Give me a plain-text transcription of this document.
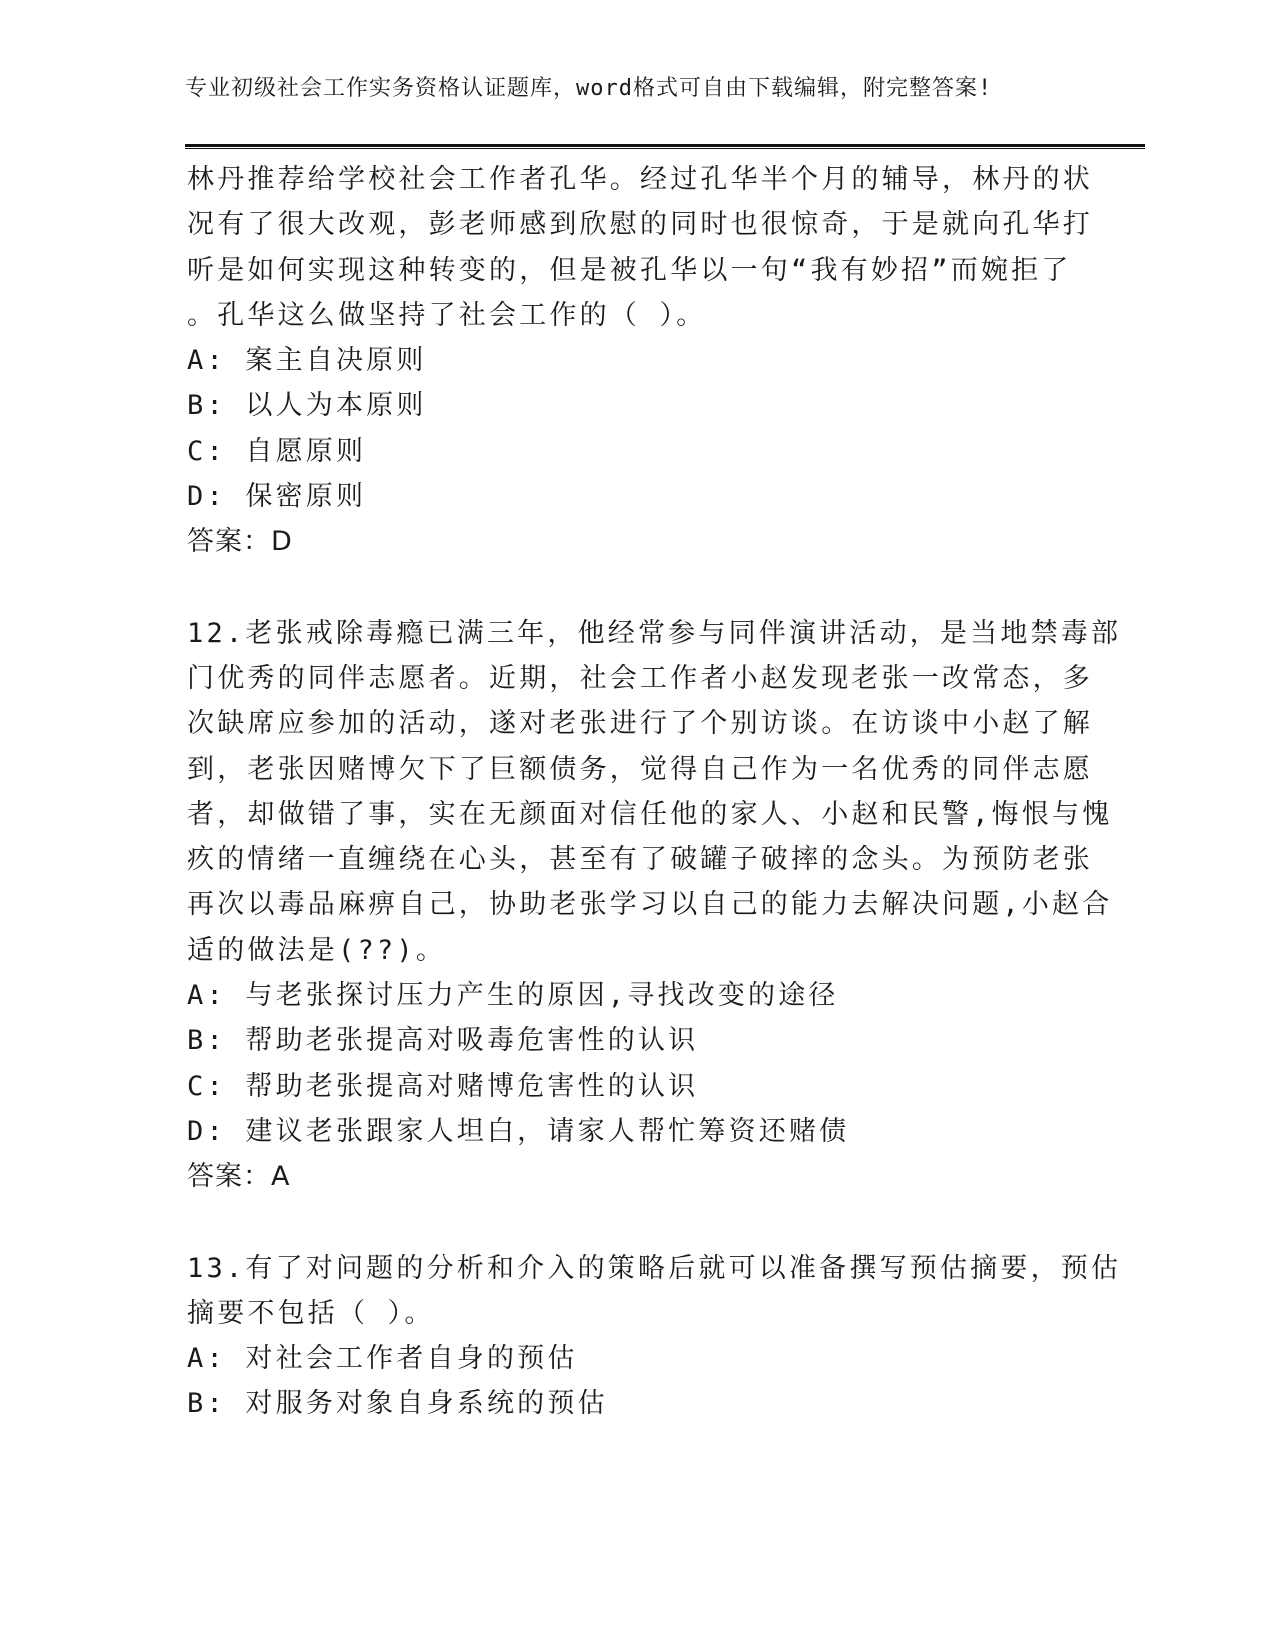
专业初级社会工作实务资格认证题库，word格式可自由下载编辑，附完整答案!
林丹推荐给学校社会工作者孔华。经过孔华半个月的辅导，林丹的状
况有了很大改观，彭老师感到欣慰的同时也很惊奇，于是就向孔华打
听是如何实现这种转变的，但是被孔华以一句“我有妙招”而婉拒了
。孔华这么做坚持了社会工作的（ ）。
A: 案主自决原则
B: 以人为本原则
C: 自愿原则
D: 保密原则
答案：D
12.老张戒除毒瘾已满三年，他经常参与同伴演讲活动，是当地禁毒部
门优秀的同伴志愿者。近期，社会工作者小赵发现老张一改常态，多
次缺席应参加的活动，遂对老张进行了个别访谈。在访谈中小赵了解
到，老张因赌博欠下了巨额债务，觉得自己作为一名优秀的同伴志愿
者，却做错了事，实在无颜面对信任他的家人、小赵和民警,悔恨与愧
疚的情绪一直缠绕在心头，甚至有了破罐子破摔的念头。为预防老张
再次以毒品麻痹自己，协助老张学习以自己的能力去解决问题,小赵合
适的做法是(??)。
A: 与老张探讨压力产生的原因,寻找改变的途径
B: 帮助老张提高对吸毒危害性的认识
C: 帮助老张提高对赌博危害性的认识
D: 建议老张跟家人坦白，请家人帮忙筹资还赌债
答案：A
13.有了对问题的分析和介入的策略后就可以准备撰写预估摘要，预估
摘要不包括（ ）。
A: 对社会工作者自身的预估
B: 对服务对象自身系统的预估
